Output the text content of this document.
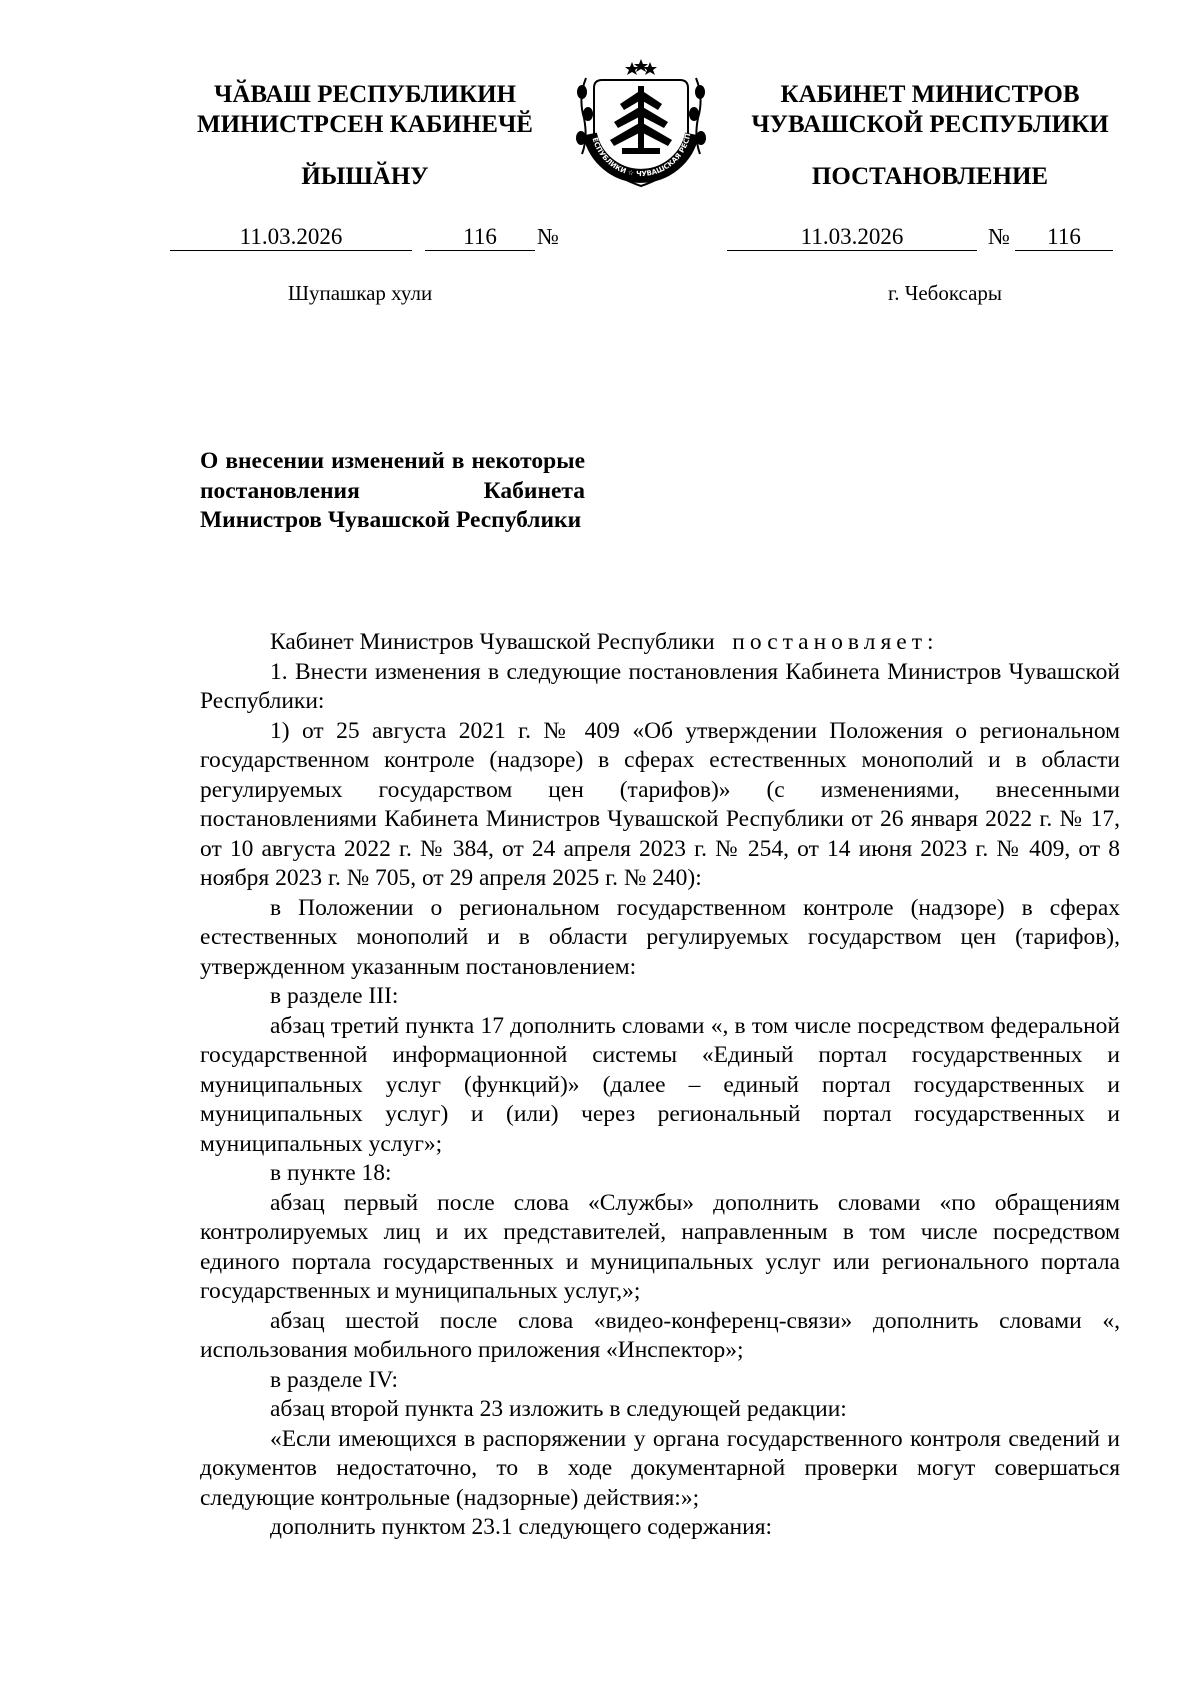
ЧӐВАШ РЕСПУБЛИКИН
МИНИСТРСЕН КАБИНЕЧӖ
ЙЫШӐНУ
11.03.2026	116	№
Шупашкар хули
ЕСПУБЛИКИ ☆ ЧУВАШСКАЯ РЕСП
КАБИНЕТ МИНИСТРОВ
ЧУВАШСКОЙ РЕСПУБЛИКИ
ПОСТАНОВЛЕНИЕ
11.03.2026	№	116
г. Чебоксары
О внесении изменений в некоторые постановления Кабинета Министров Чувашской Республики

Кабинет Министров Чувашской Республики постановляет:

1. Внести изменения в следующие постановления Кабинета Министров Чувашской Республики:

1) от 25 августа 2021 г. № 409 «Об утверждении Положения о региональном государственном контроле (надзоре) в сферах естественных монополий и в области регулируемых государством цен (тарифов)» (с изменениями, внесенными постановлениями Кабинета Министров Чувашской Республики от 26 января 2022 г. № 17, от 10 августа 2022 г. № 384, от 24 апреля 2023 г. № 254, от 14 июня 2023 г. № 409, от 8 ноября 2023 г. № 705, от 29 апреля 2025 г. № 240):

в Положении о региональном государственном контроле (надзоре) в сферах естественных монополий и в области регулируемых государством цен (тарифов), утвержденном указанным постановлением:

в разделе III:

абзац третий пункта 17 дополнить словами «, в том числе посредством федеральной государственной информационной системы «Единый портал государственных и муниципальных услуг (функций)» (далее – единый портал государственных и муниципальных услуг) и (или) через региональный портал государственных и муниципальных услуг»;

в пункте 18:

абзац первый после слова «Службы» дополнить словами «по обращениям контролируемых лиц и их представителей, направленным в том числе посредством единого портала государственных и муниципальных услуг или регионального портала государственных и муниципальных услуг,»;

абзац шестой после слова «видео-конференц-связи» дополнить словами «, использования мобильного приложения «Инспектор»;

в разделе IV:

абзац второй пункта 23 изложить в следующей редакции:

«Если имеющихся в распоряжении у органа государственного контроля сведений и документов недостаточно, то в ходе документарной проверки могут совершаться следующие контрольные (надзорные) действия:»;

дополнить пунктом 23.1 следующего содержания:
